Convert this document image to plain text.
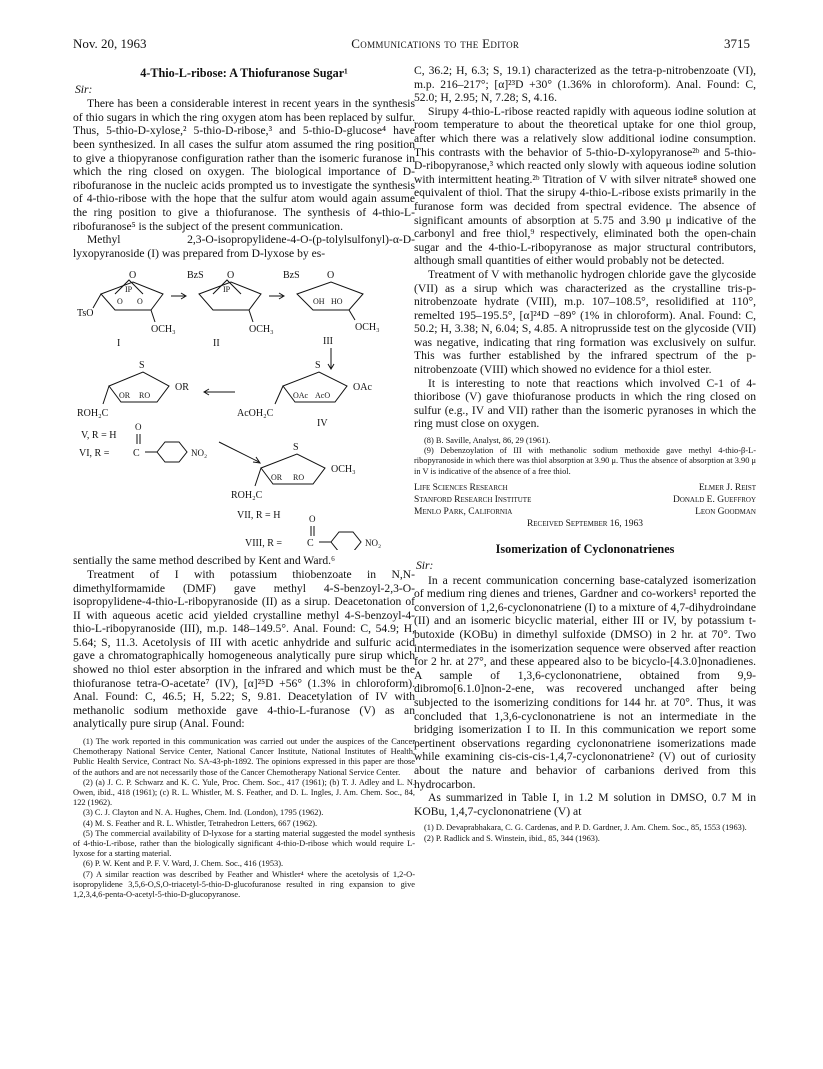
Nov. 20, 1963	Communications to the Editor	3715
4-Thio-L-ribose: A Thiofuranose Sugar¹
Sir:

There has been a considerable interest in recent years in the synthesis of thio sugars in which the ring oxygen atom has been replaced by sulfur. Thus, 5-thio-D-xylose,² 5-thio-D-ribose,³ and 5-thio-D-glucose⁴ have been synthesized. In all cases the sulfur atom assumed the ring position to give a thiopyranose configuration rather than the isomeric furanose in which the ring closed on oxygen. The biological importance of D-ribofuranose in the nucleic acids prompted us to investigate the synthesis of 4-thio-ribose with the hope that the sulfur atom would again assume the ring position to give a thiofuranose. The synthesis of 4-thio-L-ribofuranose⁵ is the subject of the present communication.

Methyl 2,3-O-isopropylidene-4-O-(p-tolylsulfonyl)-α-D-lyxopyranoside (I) was prepared from D-lyxose by es-

IP
O
O O
TsO
OCH₃
I
IP
BzS O
OCH₃
II
BzS	O
OH HO
OCH₃
III
S
OR
OR RO
ROH₂C
V, R = H
O
VI, R = C	NO₂
S
OAc
OAc AcO
AcOH₂C
IV
S
OCH₃
OR RO
ROH₂C
VII, R = H	O
VIII, R = C	NO₂

sentially the same method described by Kent and Ward.⁶

Treatment of I with potassium thiobenzoate in N,N-dimethylformamide (DMF) gave methyl 4-S-benzoyl-2,3-O-isopropylidene-4-thio-L-ribopyranoside (II) as a sirup. Deacetonation of II with aqueous acetic acid yielded crystalline methyl 4-S-benzoyl-4-thio-L-ribopyranoside (III), m.p. 148–149.5°. Anal. Found: C, 54.9; H, 5.64; S, 11.3. Acetolysis of III with acetic anhydride and sulfuric acid gave a chromatographically homogeneous analytically pure sirup which showed no thiol ester absorption in the infrared and which must be the thiofuranose tetra-O-acetate⁷ (IV), [α]²⁵D +56° (1.3% in chloroform). Anal. Found: C, 46.5; H, 5.22; S, 9.81. Deacetylation of IV with methanolic sodium methoxide gave 4-thio-L-furanose (V) as an analytically pure sirup (Anal. Found:

(1) The work reported in this communication was carried out under the auspices of the Cancer Chemotherapy National Service Center, National Cancer Institute, National Institutes of Health, Public Health Service, Contract No. SA-43-ph-1892. The opinions expressed in this paper are those of the authors and are not necessarily those of the Cancer Chemotherapy National Service Center.

(2) (a) J. C. P. Schwarz and K. C. Yule, Proc. Chem. Soc., 417 (1961); (b) T. J. Adley and L. N. Owen, ibid., 418 (1961); (c) R. L. Whistler, M. S. Feather, and D. L. Ingles, J. Am. Chem. Soc., 84, 122 (1962).

(3) C. J. Clayton and N. A. Hughes, Chem. Ind. (London), 1795 (1962).

(4) M. S. Feather and R. L. Whistler, Tetrahedron Letters, 667 (1962).

(5) The commercial availability of D-lyxose for a starting material suggested the model synthesis of 4-thio-L-ribose, rather than the biologically significant 4-thio-D-ribose which would require L-lyxose for a starting material.

(6) P. W. Kent and P. F. V. Ward, J. Chem. Soc., 416 (1953).

(7) A similar reaction was described by Feather and Whistler⁴ where the acetolysis of 1,2-O-isopropylidene 3,5,6-O,S,O-triacetyl-5-thio-D-glucofuranose resulted in ring expansion to give 1,2,3,4,6-penta-O-acetyl-5-thio-D-glucopyranose.

C, 36.2; H, 6.3; S, 19.1) characterized as the tetra-p-nitrobenzoate (VI), m.p. 216–217°; [α]²³D +30° (1.36% in chloroform). Anal. Found: C, 52.0; H, 2.95; N, 7.28; S, 4.16.

Sirupy 4-thio-L-ribose reacted rapidly with aqueous iodine solution at room temperature to about the theoretical uptake for one thiol group, after which there was a relatively slow additional iodine consumption. This contrasts with the behavior of 5-thio-D-xylopyranose²ᵇ and 5-thio-D-ribopyranose,³ which reacted only slowly with aqueous iodine solution with intermittent heating.²ᵇ Titration of V with silver nitrate⁸ showed one equivalent of thiol. That the sirupy 4-thio-L-ribose exists primarily in the furanose form was decided from spectral evidence. The absence of significant amounts of absorption at 5.75 and 3.90 μ indicative of the carbonyl and free thiol,⁹ respectively, eliminated both the open-chain sugar and the 4-thio-L-ribopyranose as major structural contributors, although small quantities of either would probably not be detected.

Treatment of V with methanolic hydrogen chloride gave the glycoside (VII) as a sirup which was characterized as the crystalline tris-p-nitrobenzoate hydrate (VIII), m.p. 107–108.5°, resolidified at 110°, remelted 195–195.5°, [α]²⁴D −89° (1% in chloroform). Anal. Found: C, 50.2; H, 3.38; N, 6.04; S, 4.85. A nitroprusside test on the glycoside (VII) was negative, indicating that ring formation was exclusively on sulfur. This was further established by the infrared spectrum of the p-nitrobenzoate (VIII) which showed no evidence for a thiol ester.

It is interesting to note that reactions which involved C-1 of 4-thioribose (V) gave thiofuranose products in which the ring closed on sulfur (e.g., IV and VII) rather than the isomeric pyranoses in which the ring must close on oxygen.

(8) B. Saville, Analyst, 86, 29 (1961).

(9) Debenzoylation of III with methanolic sodium methoxide gave methyl 4-thio-β-L-ribopyranoside in which there was thiol absorption at 3.90 μ. Thus the absence of absorption at 3.90 μ in V is indicative of the absence of a free thiol.

Life Sciences Research	Elmer J. Reist
Stanford Research Institute	Donald E. Gueffroy
Menlo Park, California	Leon Goodman
Received September 16, 1963
Isomerization of Cyclononatrienes
Sir:

In a recent communication concerning base-catalyzed isomerization of medium ring dienes and trienes, Gardner and co-workers¹ reported the conversion of 1,2,6-cyclononatriene (I) to a mixture of 4,7-dihydroindane (II) and an isomeric bicyclic material, either III or IV, by potassium t-butoxide (KOBu) in dimethyl sulfoxide (DMSO) in 2 hr. at 70°. Two intermediates in the isomerization sequence were observed after reaction for 2 hr. at 27°, and these appeared also to be bicyclo-[4.3.0]nonadienes. A sample of 1,3,6-cyclononatriene, obtained from 9,9-dibromo[6.1.0]non-2-ene, was recovered unchanged after being subjected to the isomerizing conditions for 144 hr. at 70°. Thus, it was concluded that 1,3,6-cyclononatriene is not an intermediate in the bridging isomerization I to II. In this communication we report some pertinent observations regarding cyclononatriene isomerizations made while examining cis-cis-cis-1,4,7-cyclononatriene² (V) out of curiosity about the nature and behavior of carbanions derived from this hydrocarbon.

As summarized in Table I, in 1.2 M solution in DMSO, 0.7 M in KOBu, 1,4,7-cyclononatriene (V) at

(1) D. Devaprabhakara, C. G. Cardenas, and P. D. Gardner, J. Am. Chem. Soc., 85, 1553 (1963).

(2) P. Radlick and S. Winstein, ibid., 85, 344 (1963).
